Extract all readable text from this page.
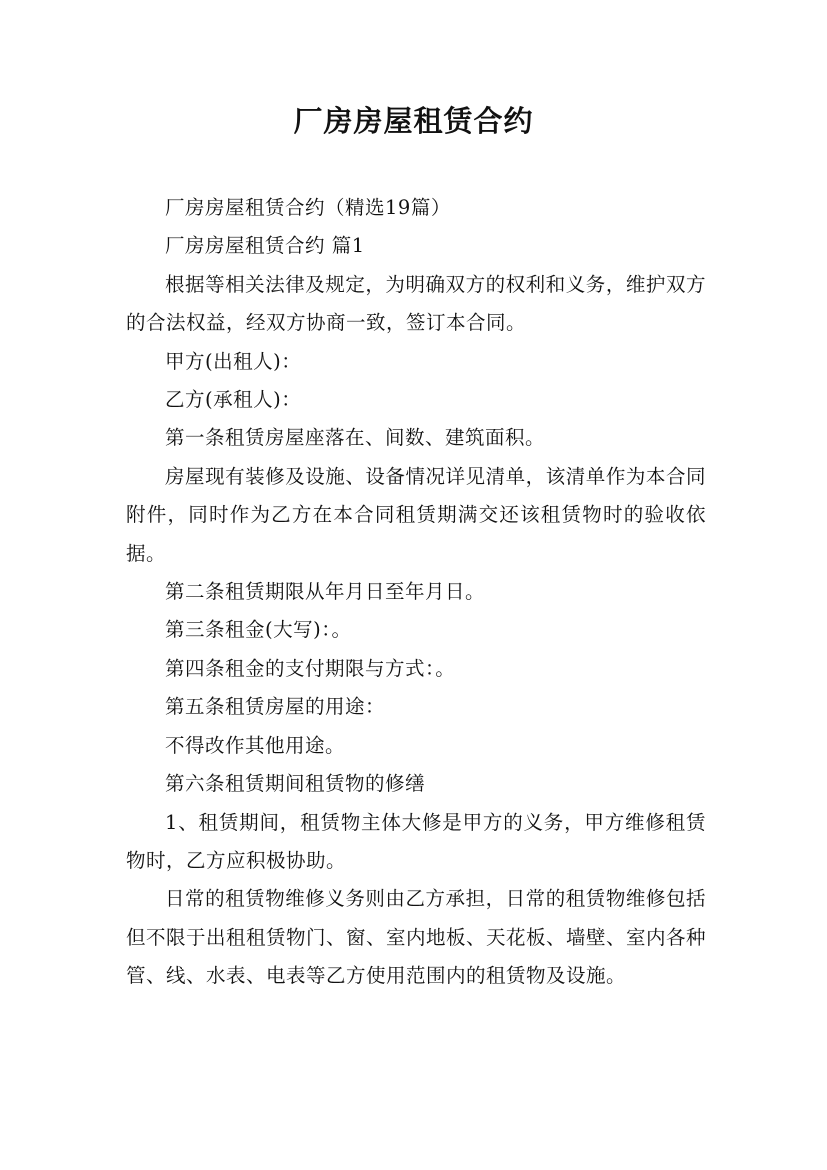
厂房房屋租赁合约

厂房房屋租赁合约（精选19篇）

厂房房屋租赁合约 篇1

根据等相关法律及规定，为明确双方的权利和义务，维护双方的合法权益，经双方协商一致，签订本合同。

甲方(出租人)：

乙方(承租人)：

第一条租赁房屋座落在、间数、建筑面积。

房屋现有装修及设施、设备情况详见清单，该清单作为本合同附件，同时作为乙方在本合同租赁期满交还该租赁物时的验收依据。

第二条租赁期限从年月日至年月日。

第三条租金(大写)：。

第四条租金的支付期限与方式：。

第五条租赁房屋的用途：

不得改作其他用途。

第六条租赁期间租赁物的修缮

1、租赁期间，租赁物主体大修是甲方的义务，甲方维修租赁物时，乙方应积极协助。

日常的租赁物维修义务则由乙方承担，日常的租赁物维修包括但不限于出租租赁物门、窗、室内地板、天花板、墙壁、室内各种管、线、水表、电表等乙方使用范围内的租赁物及设施。
